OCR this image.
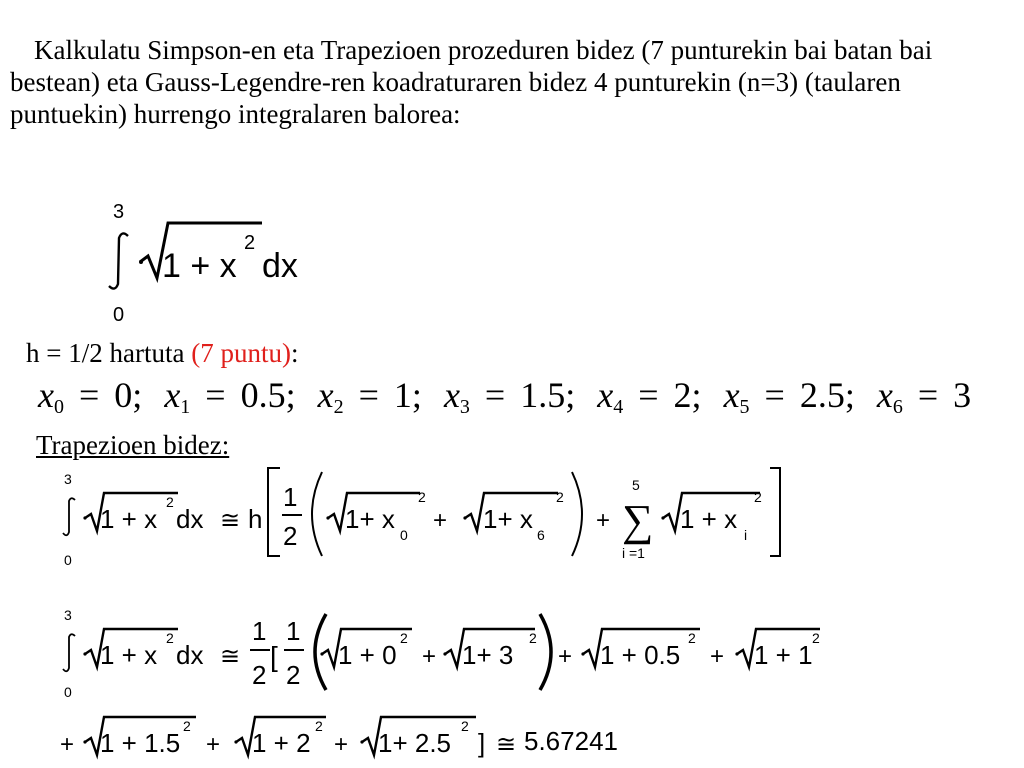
Kalkulatu Simpson-en eta Trapezioen prozeduren bidez (7 punturekin bai batan bai bestean) eta Gauss-Legendre-ren koadraturaren bidez 4 punturekin (n=3) (taularen puntuekin) hurrengo integralaren balorea:
3
0
1 + x
2
dx
3
0
1 + x
2
dx ≅ h
1
2
1+ x
0
2
+ 1+ x
6
2
+
5
∑
i =1
1 + x
i
2
3
0
1 + x
2
dx ≅
1
2
[
1
2
1 + 0
2
+ 1+ 3
2
+ 1 + 0.5
2
+ 1 + 1
2
+ 1 + 1.5
2
+ 1 + 2
2
+ 1+ 2.5
2
] ≅
h = 1/2 hartuta (7 puntu):
$x_0 = 0$; $x_1 = 0.5$; $x_2 = 1$; $x_3 = 1.5$; $x_4 = 2$; $x_5 = 2.5$; $x_6 = 3$
Trapezioen bidez:
5.67241
